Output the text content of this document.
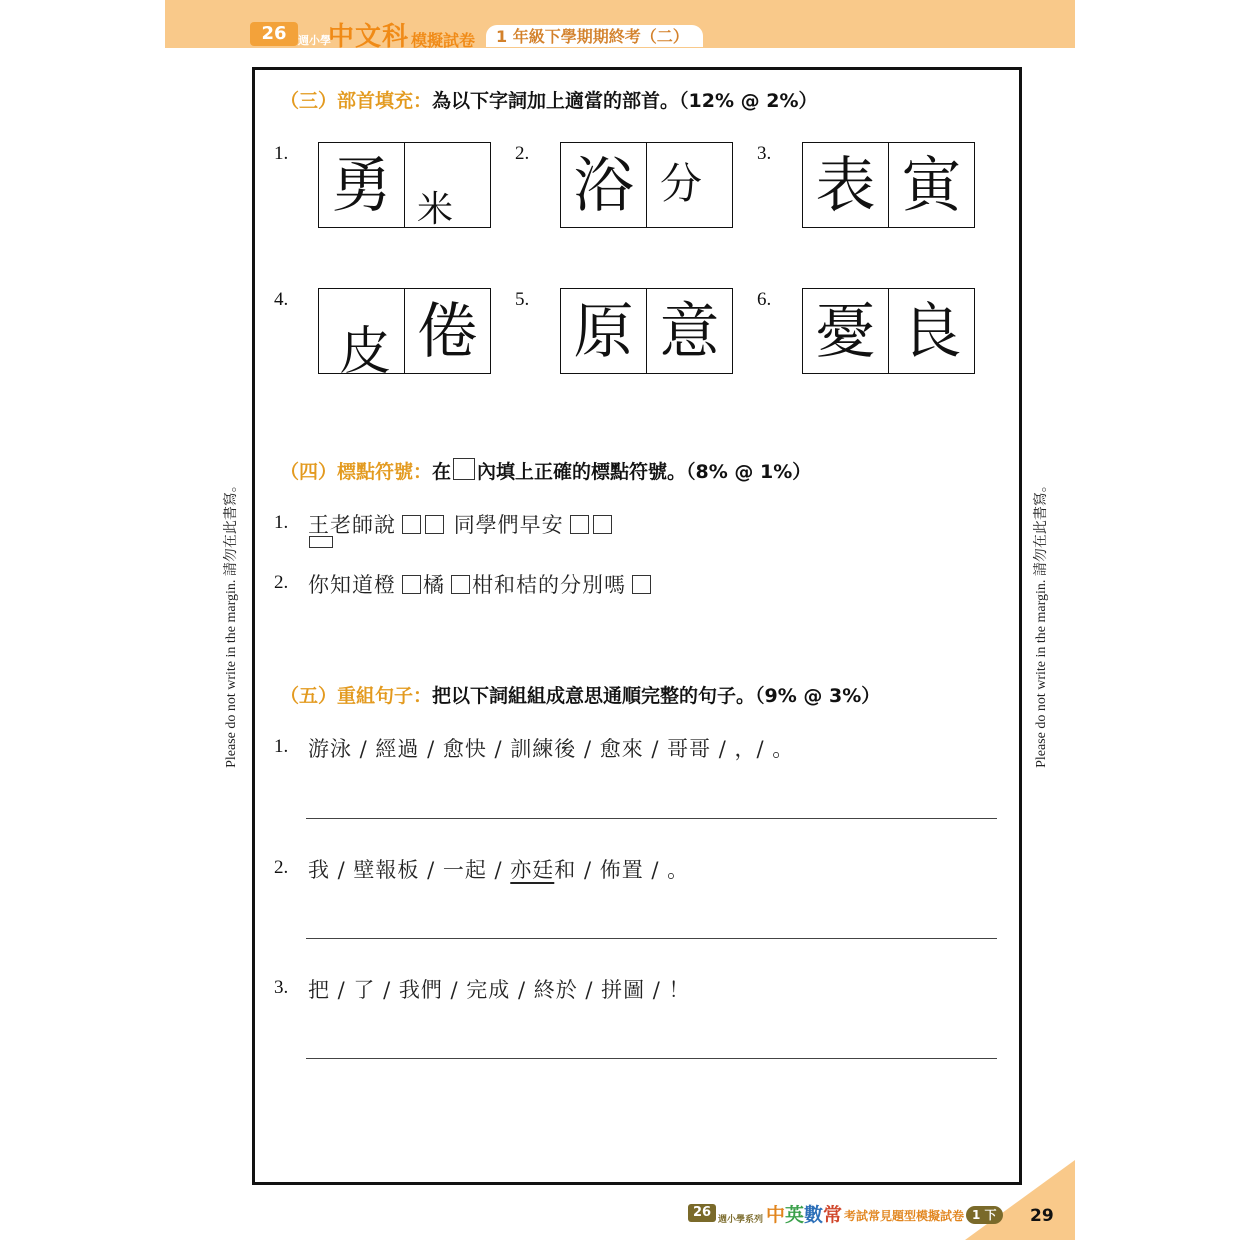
26	週小學
中文科 模擬試卷	1 年級下學期期終考（二）
Please do not write in the margin. 請勿在此書寫。	Please do not write in the margin. 請勿在此書寫。
（三）部首填充：為以下字詞加上適當的部首。（12% @ 2%）
1. 勇 米
2. 浴 分
3. 表 寅
4.
皮 倦	5. 原 意	6. 憂 良
（四）標點符號：在 內填上正確的標點符號。（8% @ 1%）
1. 王老師說	同學們早安
2. 你知道橙 橘 柑和桔的分別嗎
（五）重組句子：把以下詞組組成意思通順完整的句子。（9% @ 3%）
1. 游泳 / 經過 / 愈快 / 訓練後 / 愈來 / 哥哥 / ，/ 。
2. 我 / 壁報板 / 一起 / 亦廷和 / 佈置 / 。
3. 把 / 了 / 我們 / 完成 / 終於 / 拼圖 / ！
26 週小學系列 中英數常 考試常見題型模擬試卷 1 下	29
